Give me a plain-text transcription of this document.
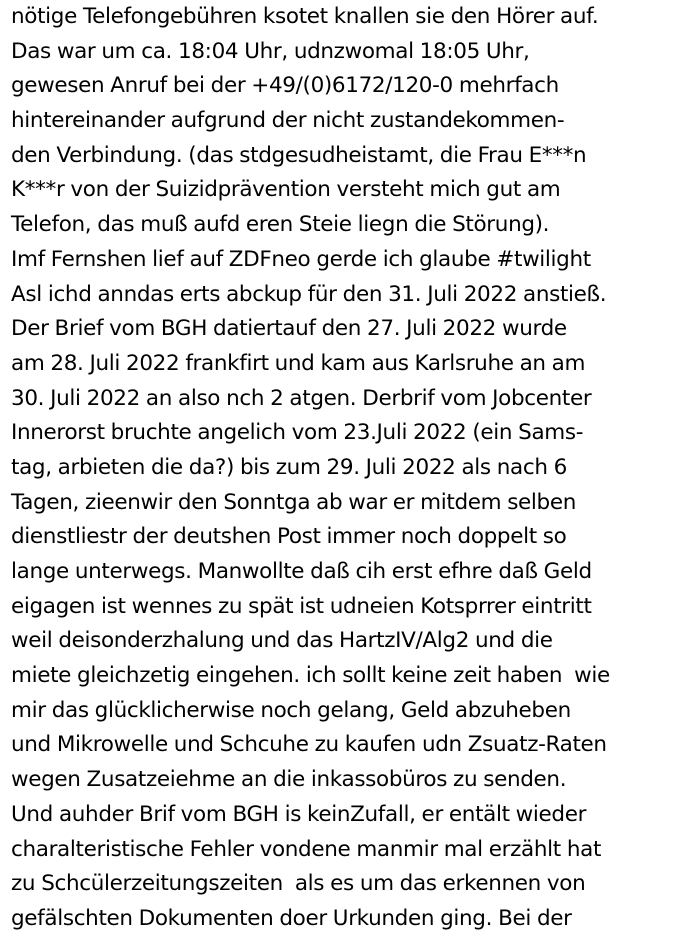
nötige Telefongebühren ksotet knallen sie den Hörer auf.
Das war um ca. 18:04 Uhr, udnzwomal 18:05 Uhr,
gewesen Anruf bei der +49/(0)6172/120-0 mehrfach
hintereinander aufgrund der nicht zustandekommen-
den Verbindung. (das stdgesudheistamt, die Frau E***n
K***r von der Suizidprävention versteht mich gut am
Telefon, das muß aufd eren Steie liegn die Störung).
Imf Fernshen lief auf ZDFneo gerde ich glaube #twilight
Asl ichd anndas erts abckup für den 31. Juli 2022 anstieß.
Der Brief vom BGH datiertauf den 27. Juli 2022 wurde
am 28. Juli 2022 frankfirt und kam aus Karlsruhe an am
30. Juli 2022 an also nch 2 atgen. Derbrif vom Jobcenter
Innerorst bruchte angelich vom 23.Juli 2022 (ein Sams-
tag, arbieten die da?) bis zum 29. Juli 2022 als nach 6
Tagen, zieenwir den Sonntga ab war er mitdem selben
dienstliestr der deutshen Post immer noch doppelt so
lange unterwegs. Manwollte daß cih erst efhre daß Geld
eigagen ist wennes zu spät ist udneien Kotsprrer eintritt
weil deisonderzhalung und das HartzIV/Alg2 und die
miete gleichzetig eingehen. ich sollt keine zeit haben  wie
mir das glücklicherwise noch gelang, Geld abzuheben
und Mikrowelle und Schcuhe zu kaufen udn Zsuatz-Raten
wegen Zusatzeiehme an die inkassobüros zu senden.
Und auhder Brif vom BGH is keinZufall, er entält wieder
charalteristische Fehler vondene manmir mal erzählt hat
zu Schcülerzeitungszeiten  als es um das erkennen von
gefälschten Dokumenten doer Urkunden ging. Bei der
